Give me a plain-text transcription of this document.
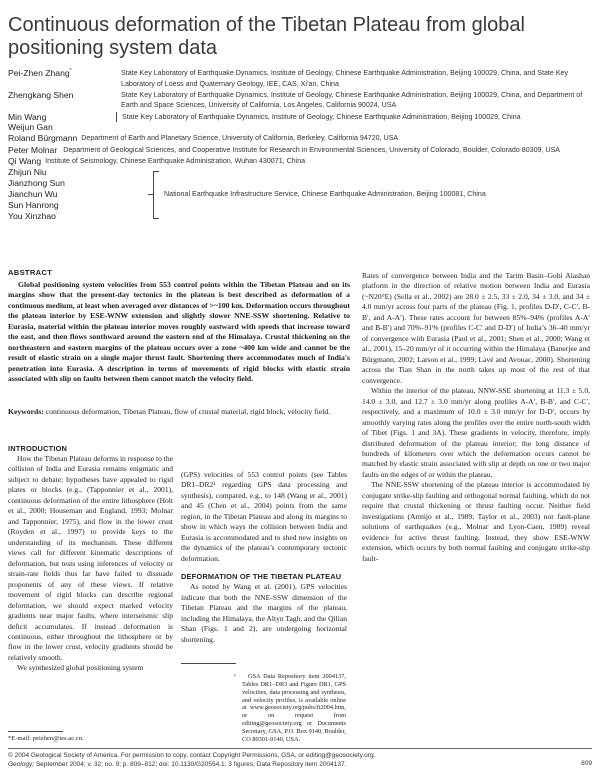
Continuous deformation of the Tibetan Plateau from global positioning system data
Pei-Zhen Zhang*	State Key Laboratory of Earthquake Dynamics, Institute of Geology, Chinese Earthquake Administration, Beijing 100029, China, and State Key Laboratory of Loess and Quaternary Geology, IEE, CAS, Xi’an, China
Zhengkang Shen	State Key Laboratory of Earthquake Dynamics, Institute of Geology, Chinese Earthquake Administration, Beijing 100029, China, and Department of Earth and Space Sciences, University of California, Los Angeles, California 90024, USA
Min Wang
Weijun Gan
State Key Laboratory of Earthquake Dynamics, Institute of Geology, Chinese Earthquake Administration, Beijing 100029, China
Roland Bürgmann Department of Earth and Planetary Science, University of California, Berkeley, California 94720, USA
Peter Molnar Department of Geological Sciences, and Cooperative Institute for Research in Environmental Sciences, University of Colorado, Boulder, Colorado 80309, USA
Qi Wang Institute of Seismology, Chinese Earthquake Administration, Wuhan 430071, China
Zhijun Niu
Jianzhong Sun
Jianchun Wu
Sun Hanrong
You Xinzhao
National Earthquake Infrastructure Service, Chinese Earthquake Administration, Beijing 100081, China
ABSTRACT

Global positioning system velocities from 553 control points within the Tibetan Plateau and on its margins show that the present-day tectonics in the plateau is best described as deformation of a continuous medium, at least when averaged over distances of >~100 km. Deformation occurs throughout the plateau interior by ESE-WNW extension and slightly slower NNE-SSW shortening. Relative to Eurasia, material within the plateau interior moves roughly eastward with speeds that increase toward the east, and then flows southward around the eastern end of the Himalaya. Crustal thickening on the northeastern and eastern margins of the plateau occurs over a zone ~400 km wide and cannot be the result of elastic strain on a single major thrust fault. Shortening there accommodates much of India's penetration into Eurasia. A description in terms of movements of rigid blocks with elastic strain associated with slip on faults between them cannot match the velocity field.

Keywords: continuous deformation, Tibetan Plateau, flow of crustal material, rigid block, velocity field.

INTRODUCTION

How the Tibetan Plateau deforms in response to the collision of India and Eurasia remains enigmatic and subject to debate; hypotheses have appealed to rigid plates or blocks (e.g., (Tapponnier et al., 2001), continuous deformation of the entire lithosphere (Holt et al., 2000; Houseman and England, 1993; Molnar and Tapponnier, 1975), and flow in the lower crust (Royden et al., 1997) to provide keys to the understanding of its mechanism. These different views call for different kinematic descriptions of deformation, but tests using inferences of velocity or strain-rate fields thus far have failed to dissuade proponents of any of these views. If relative movement of rigid blocks can describe regional deformation, we should expect marked velocity gradients near major faults, where interseismic slip deficit accumulates. If instead deformation is continuous, either throughout the lithosphere or by flow in the lower crust, velocity gradients should be relatively smooth.

We synthesized global positioning system

(GPS) velocities of 553 control points (see Tables DR1–DR2¹ regarding GPS data processing and synthesis), compared, e.g., to 148 (Wang et al., 2001) and 45 (Chen et al., 2004) points from the same region, in the Tibetan Plateau and along its margins to show in which ways the collision between India and Eurasia is accommodated and to shed new insights on the dynamics of the plateau’s contemporary tectonic deformation.

DEFORMATION OF THE TIBETAN PLATEAU

As noted by Wang et al. (2001), GPS velocities indicate that both the NNE-SSW dimension of the Tibetan Plateau and the margins of the plateau, including the Himalaya, the Altyn Tagh, and the Qilian Shan (Figs. 1 and 2), are undergoing horizontal shortening.

¹	GSA Data Repository item 2004137, Tables DR1–DR3 and Figure DR1, GPS velocities, data processing and synthesis, and velocity profiles, is available online at www.geosociety.org/pubs/ft2004.htm, or on request from editing@geosociety.org or Documents Secretary, GSA, P.O. Box 9140, Boulder, CO 80301-9140, USA.

Rates of convergence between India and the Tarim Basin–Gobi Alashan platform in the direction of relative motion between India and Eurasia (~N20°E) (Sella et al., 2002) are 28.0 ± 2.5, 33 ± 2.0, 34 ± 3.0, and 34 ± 4.0 mm/yr across four parts of the plateau (Fig. 1, profiles D-D′, C-C′, B-B′, and A-A′). These rates account for between 85%–94% (profiles A-A′ and B-B′) and 70%–91% (profiles C-C′ and D-D′) of India’s 36–40 mm/yr of convergence with Eurasia (Paul et al., 2001; Shen et al., 2000; Wang et al., 2001), 15–20 mm/yr of it occurring within the Himalaya (Banerjee and Bürgmann, 2002; Larson et al., 1999; Lavé and Avouac, 2000). Shortening across the Tian Shan in the north takes up most of the rest of that convergence.

Within the interior of the plateau, NNW-SSE shortening at 11.3 ± 5.0, 14.0 ± 3.0, and 12.7 ± 3.0 mm/yr along profiles A-A′, B-B′, and C-C′, respectively, and a maximum of 10.0 ± 3.0 mm/yr for D-D′, occurs by smoothly varying rates along the profiles over the entire north-south width of Tibet (Figs. 1 and 3A). These gradients in velocity, therefore, imply distributed deformation of the plateau interior; the long distance of hundreds of kilometers over which the deformation occurs cannot be matched by elastic strain associated with slip at depth on one or two major faults on the edges of or within the plateau.

The NNE-SSW shortening of the plateau interior is accommodated by conjugate strike-slip faulting and orthogonal normal faulting, which do not require that crustal thickening or thrust faulting occur. Neither field investigations (Armijo et al., 1989; Taylor et al., 2003) nor fault-plane solutions of earthquakes (e.g., Molnar and Lyon-Caen, 1989) reveal evidence for active thrust faulting. Instead, they show ESE-WNW extension, which occurs by both normal faulting and conjugate strike-slip fault-

*E-mail: peizhen@ies.ac.cn.
© 2004 Geological Society of America. For permission to copy, contact Copyright Permissions, GSA, or editing@geosociety.org.
Geology; September 2004; v. 32; no. 9; p. 809–812; doi: 10.1130/G20554.1; 3 figures; Data Repository item 2004137.	809
